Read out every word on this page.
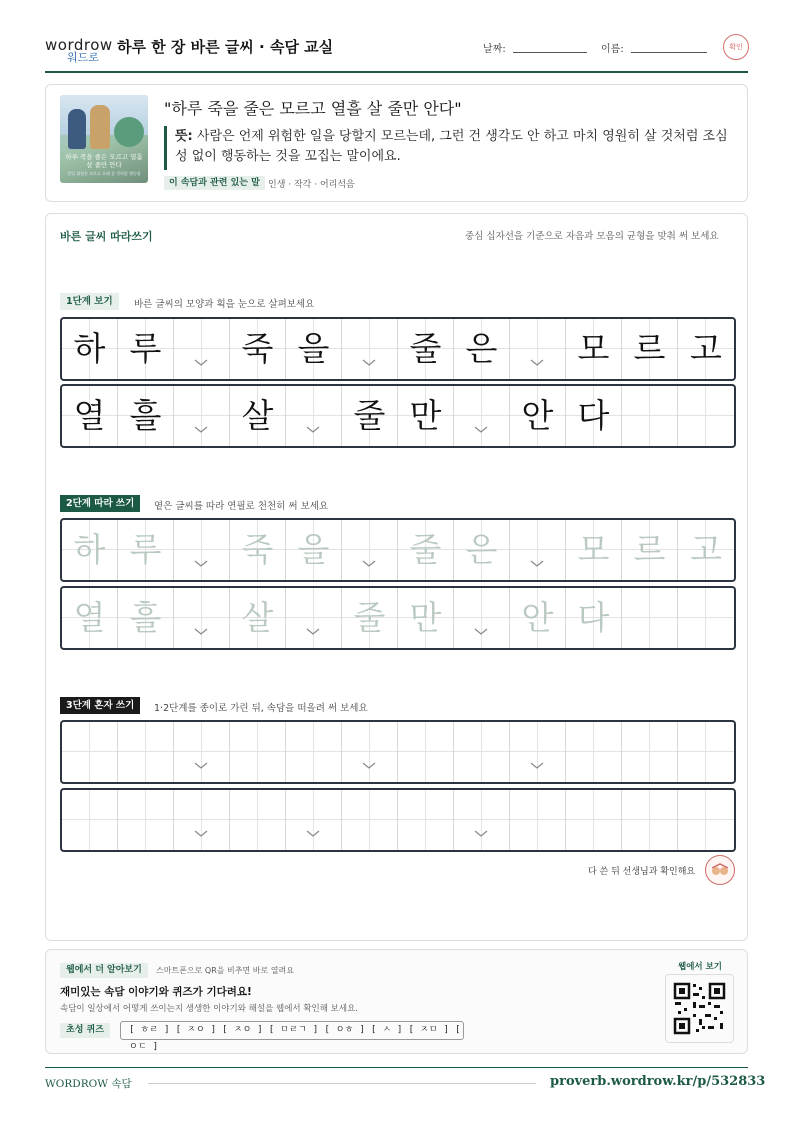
wordrow
워드로
하루 한 장 바른 글씨 · 속담 교실	날짜:	이름:	확인
하루 죽을 줄은 모르고 열흘 살 줄만 안다
앞일 위험은 모르고 오래 살 것처럼 행동함
"하루 죽을 줄은 모르고 열흘 살 줄만 안다"
뜻: 사람은 언제 위험한 일을 당할지 모르는데, 그런 건 생각도 안 하고 마치 영원히 살 것처럼 조심성 없이 행동하는 것을 꼬집는 말이에요.
이 속담과 관련 있는 말 인생 · 작각 · 어리석음
바른 글씨 따라쓰기	중심 십자선을 기준으로 자음과 모음의 균형을 맞춰 써 보세요
1단계 보기	바른 글씨의 모양과 획을 눈으로 살펴보세요
하 루	죽 을	줄 은	모 르 고
열 흘	살	줄 만	안 다
2단계 따라 쓰기	옅은 글씨를 따라 연필로 천천히 써 보세요
하 루	죽 을	줄 은	모 르 고
열 흘	살	줄 만	안 다
3단계 혼자 쓰기	1·2단계를 종이로 가린 뒤, 속담을 떠올려 써 보세요
다 쓴 뒤 선생님과 확인해요
웹에서 더 알아보기	스마트폰으로 QR을 비추면 바로 열려요
재미있는 속담 이야기와 퀴즈가 기다려요!
속담이 일상에서 어떻게 쓰이는지 생생한 이야기와 해설을 웹에서 확인해 보세요.
초성 퀴즈	[ ㅎㄹ ] [ ㅈㅇ ] [ ㅈㅇ ] [ ㅁㄹㄱ ] [ ㅇㅎ ] [ ㅅ ] [ ㅈㅁ ] [ ㅇㄷ ]
웹에서 보기
WORDROW 속담	proverb.wordrow.kr/p/532833
